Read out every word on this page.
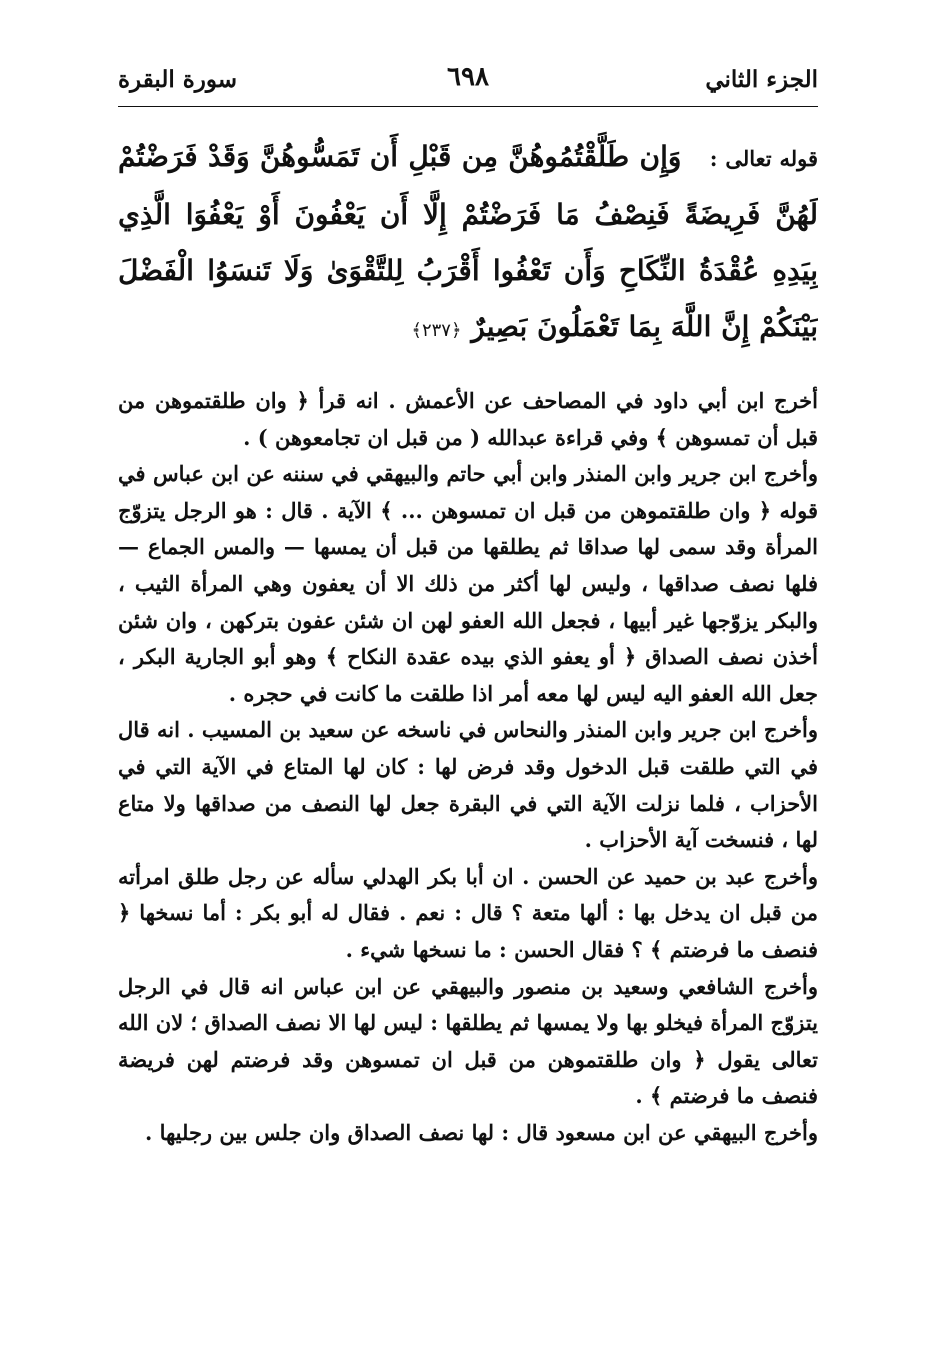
الجزء الثاني
٦٩٨
سورة البقرة
قوله تعالى : وَإِن طَلَّقْتُمُوهُنَّ مِن قَبْلِ أَن تَمَسُّوهُنَّ وَقَدْ فَرَضْتُمْ لَهُنَّ فَرِيضَةً فَنِصْفُ مَا فَرَضْتُمْ إِلَّا أَن يَعْفُونَ أَوْ يَعْفُوَا الَّذِي بِيَدِهِ عُقْدَةُ النِّكَاحِ وَأَن تَعْفُوا أَقْرَبُ لِلتَّقْوَىٰ وَلَا تَنسَوُا الْفَضْلَ بَيْنَكُمْ إِنَّ اللَّهَ بِمَا تَعْمَلُونَ بَصِيرٌ ﴿٢٣٧﴾

أخرج ابن أبي داود في المصاحف عن الأعمش . انه قرأ ﴿ وان طلقتموهن من قبل أن تمسوهن ﴾ وفي قراءة عبدالله ( من قبل ان تجامعوهن ) .

وأخرج ابن جرير وابن المنذر وابن أبي حاتم والبيهقي في سننه عن ابن عباس في قوله ﴿ وان طلقتموهن من قبل ان تمسوهن ... ﴾ الآية . قال : هو الرجل يتزوّج المرأة وقد سمى لها صداقا ثم يطلقها من قبل أن يمسها — والمس الجماع — فلها نصف صداقها ، وليس لها أكثر من ذلك الا أن يعفون وهي المرأة الثيب ، والبكر يزوّجها غير أبيها ، فجعل الله العفو لهن ان شئن عفون بتركهن ، وان شئن أخذن نصف الصداق ﴿ أو يعفو الذي بيده عقدة النكاح ﴾ وهو أبو الجارية البكر ، جعل الله العفو اليه ليس لها معه أمر اذا طلقت ما كانت في حجره .

وأخرج ابن جرير وابن المنذر والنحاس في ناسخه عن سعيد بن المسيب . انه قال في التي طلقت قبل الدخول وقد فرض لها : كان لها المتاع في الآية التي في الأحزاب ، فلما نزلت الآية التي في البقرة جعل لها النصف من صداقها ولا متاع لها ، فنسخت آية الأحزاب .

وأخرج عبد بن حميد عن الحسن . ان أبا بكر الهدلي سأله عن رجل طلق امرأته من قبل ان يدخل بها : ألها متعة ؟ قال : نعم . فقال له أبو بكر : أما نسخها ﴿ فنصف ما فرضتم ﴾ ؟ فقال الحسن : ما نسخها شيء .

وأخرج الشافعي وسعيد بن منصور والبيهقي عن ابن عباس انه قال في الرجل يتزوّج المرأة فيخلو بها ولا يمسها ثم يطلقها : ليس لها الا نصف الصداق ؛ لان الله تعالى يقول ﴿ وان طلقتموهن من قبل ان تمسوهن وقد فرضتم لهن فريضة فنصف ما فرضتم ﴾ .

وأخرج البيهقي عن ابن مسعود قال : لها نصف الصداق وان جلس بين رجليها .
